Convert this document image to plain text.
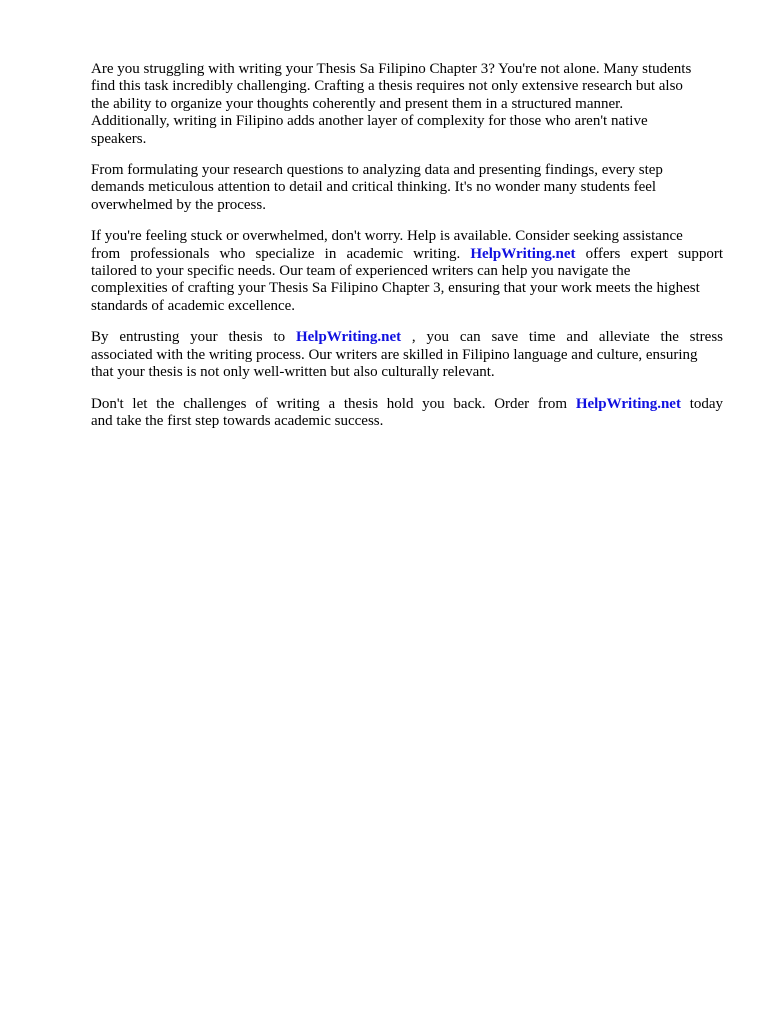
Are you struggling with writing your Thesis Sa Filipino Chapter 3? You're not alone. Many students
find this task incredibly challenging. Crafting a thesis requires not only extensive research but also
the ability to organize your thoughts coherently and present them in a structured manner.
Additionally, writing in Filipino adds another layer of complexity for those who aren't native
speakers.
From formulating your research questions to analyzing data and presenting findings, every step
demands meticulous attention to detail and critical thinking. It's no wonder many students feel
overwhelmed by the process.
If you're feeling stuck or overwhelmed, don't worry. Help is available. Consider seeking assistance
from professionals who specialize in academic writing. HelpWriting.net offers expert support
tailored to your specific needs. Our team of experienced writers can help you navigate the
complexities of crafting your Thesis Sa Filipino Chapter 3, ensuring that your work meets the highest
standards of academic excellence.
By entrusting your thesis to HelpWriting.net , you can save time and alleviate the stress
associated with the writing process. Our writers are skilled in Filipino language and culture, ensuring
that your thesis is not only well-written but also culturally relevant.
Don't let the challenges of writing a thesis hold you back. Order from HelpWriting.net today
and take the first step towards academic success.
